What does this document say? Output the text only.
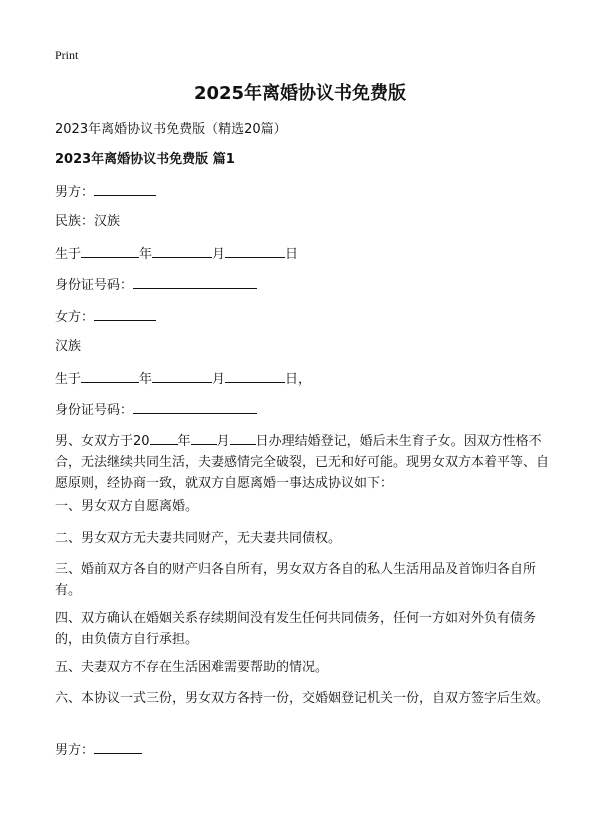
Print
2025年离婚协议书免费版
2023年离婚协议书免费版（精选20篇）
2023年离婚协议书免费版 篇1
男方：
民族：汉族
生于	年	月	日
身份证号码：
女方：
汉族
生于	年	月	日，
身份证号码：
男、女双方于20 年 月 日办理结婚登记，婚后未生育子女。因双方性格不合，无法继续共同生活，夫妻感情完全破裂，已无和好可能。现男女双方本着平等、自愿原则，经协商一致，就双方自愿离婚一事达成协议如下：
一、男女双方自愿离婚。
二、男女双方无夫妻共同财产，无夫妻共同债权。
三、婚前双方各自的财产归各自所有，男女双方各自的私人生活用品及首饰归各自所有。
四、双方确认在婚姻关系存续期间没有发生任何共同债务，任何一方如对外负有债务的，由负债方自行承担。
五、夫妻双方不存在生活困难需要帮助的情况。
六、本协议一式三份，男女双方各持一份，交婚姻登记机关一份，自双方签字后生效。
男方：
